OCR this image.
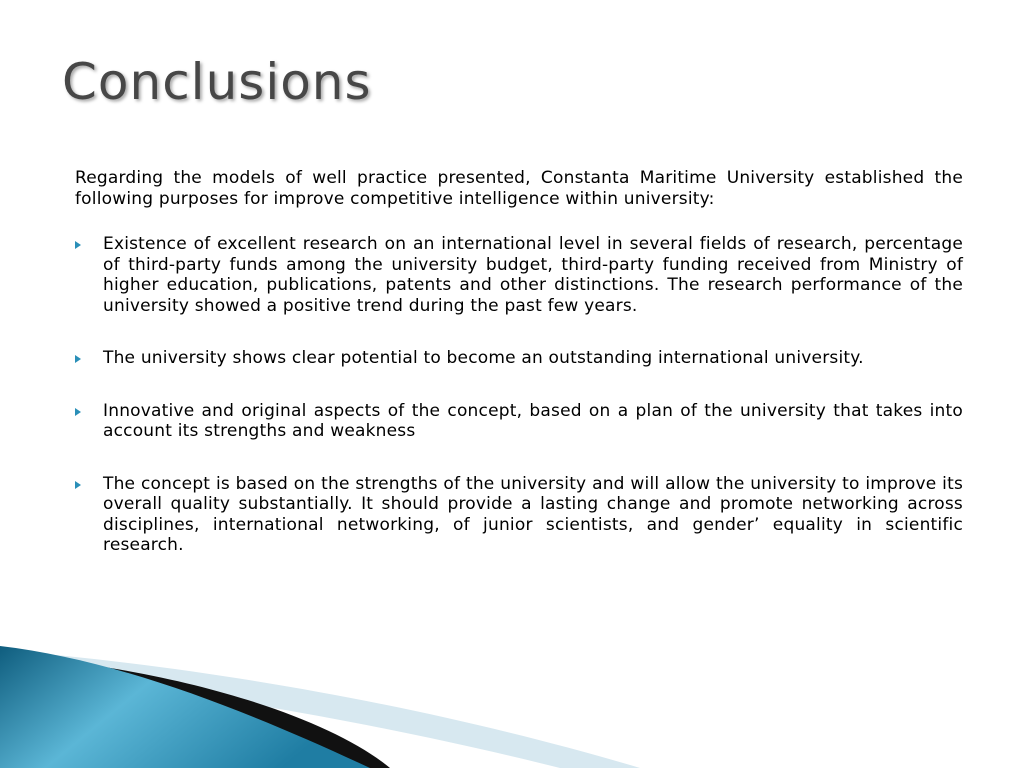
Conclusions

Regarding the models of well practice presented, Constanta Maritime University established the following purposes for improve competitive intelligence within university:

Existence of excellent research on an international level in several fields of research, percentage of third-party funds among the university budget, third-party funding received from Ministry of higher education, publications, patents and other distinctions. The research performance of the university showed a positive trend during the past few years.
The university shows clear potential to become an outstanding international university.
Innovative and original aspects of the concept, based on a plan of the university that takes into account its strengths and weakness
The concept is based on the strengths of the university and will allow the university to improve its overall quality substantially. It should provide a lasting change and promote networking across disciplines, international networking, of junior scientists, and gender’ equality in scientific research.
